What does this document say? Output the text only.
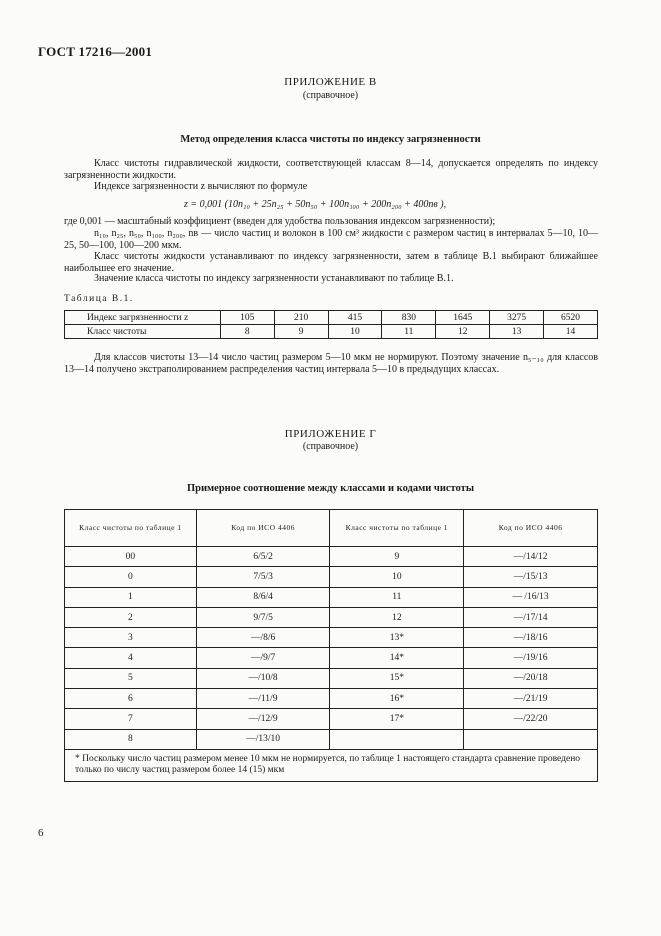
ГОСТ 17216—2001
ПРИЛОЖЕНИЕ В
(справочное)
Метод определения класса чистоты по индексу загрязненности
Класс чистоты гидравлической жидкости, соответствующей классам 8—14, допускается определять по индексу загрязненности жидкости.
Индексе загрязненности z вычисляют по формуле
z = 0,001 (10n₁₀ + 25n₂₅ + 50n₅₀ + 100n₁₀₀ + 200n₂₀₀ + 400nв ),
где 0,001 — масштабный коэффициент (введен для удобства пользования индексом загрязненности);
n₁₀, n₂₅, n₅₀, n₁₀₀, n₂₀₀, nв — число частиц и волокон в 100 см³ жидкости с размером частиц в интервалах 5—10, 10—25, 50—100, 100—200 мкм.
Класс чистоты жидкости устанавливают по индексу загрязненности, затем в таблице В.1 выбирают ближайшее наибольшее его значение.
Значение класса чистоты по индексу загрязненности устанавливают по таблице В.1.
Таблица В.1.
Индекс загрязненности z	105	210	415	830	1645	3275	6520
Класс чистоты	8	9	10	11	12	13	14
Для классов чистоты 13—14 число частиц размером 5—10 мкм не нормируют. Поэтому значение n₅₋₁₀ для классов 13—14 получено экстраполированием распределения частиц интервала 5—10 в предыдущих классах.
ПРИЛОЖЕНИЕ Г
(справочное)
Примерное соотношение между классами и кодами чистоты
Класс чистоты по таблице 1	Код по ИСО 4406	Класс чистоты по таблице 1	Код по ИСО 4406
00	6/5/2	9	—/14/12
0	7/5/3	10	—/15/13
1	8/6/4	11	— /16/13
2	9/7/5	12	—/17/14
3	—/8/6	13*	—/18/16
4	—/9/7	14*	—/19/16
5	—/10/8	15*	—/20/18
6	—/11/9	16*	—/21/19
7	—/12/9	17*	—/22/20
8	—/13/10		
* Поскольку число частиц размером менее 10 мкм не нормируется, по таблице 1 настоящего стандарта сравнение проведено только по числу частиц размером более 14 (15) мкм			
6
